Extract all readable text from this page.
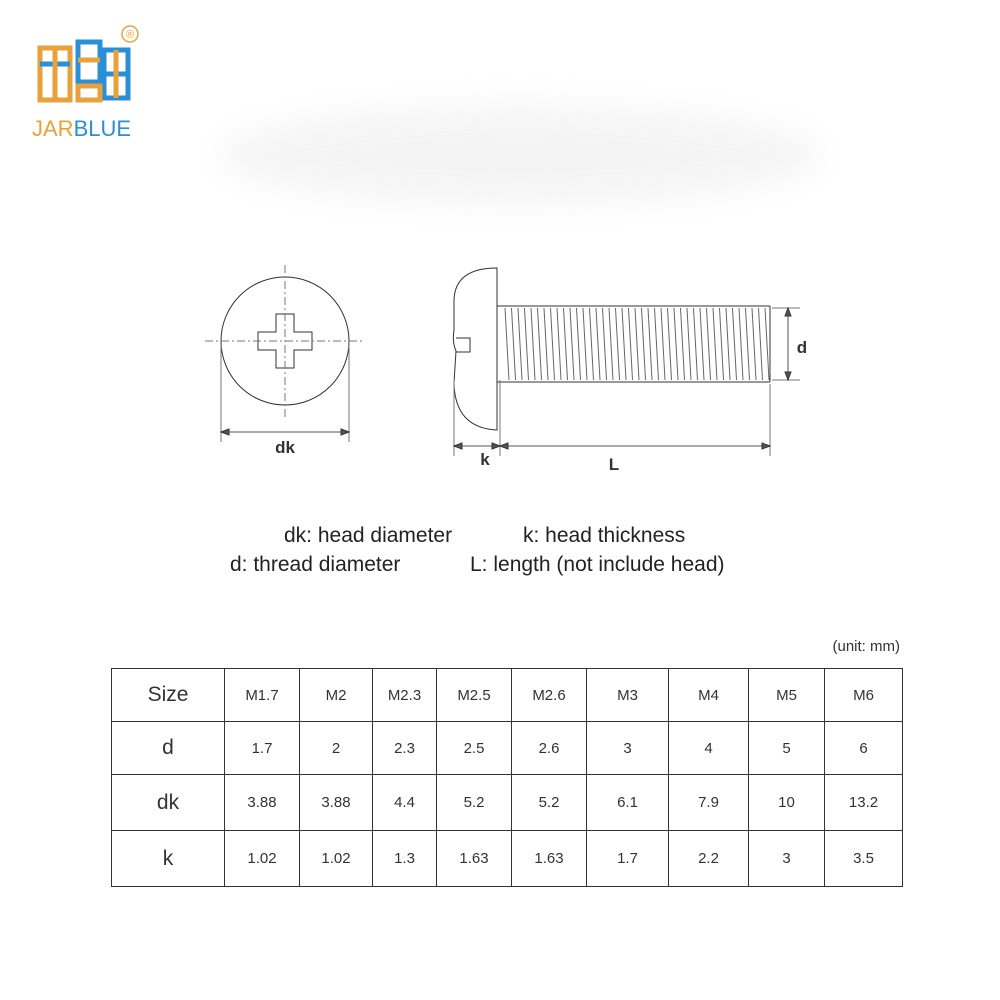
®
JARBLUE
dk
k	L
d
dk: head diameter	k: head thickness
d: thread diameter	L: length (not include head)
(unit: mm)
Size	M1.7	M2	M2.3	M2.5	M2.6	M3	M4	M5	M6
d	1.7	2	2.3	2.5	2.6	3	4	5	6
dk	3.88	3.88	4.4	5.2	5.2	6.1	7.9	10	13.2
k	1.02	1.02	1.3	1.63	1.63	1.7	2.2	3	3.5
